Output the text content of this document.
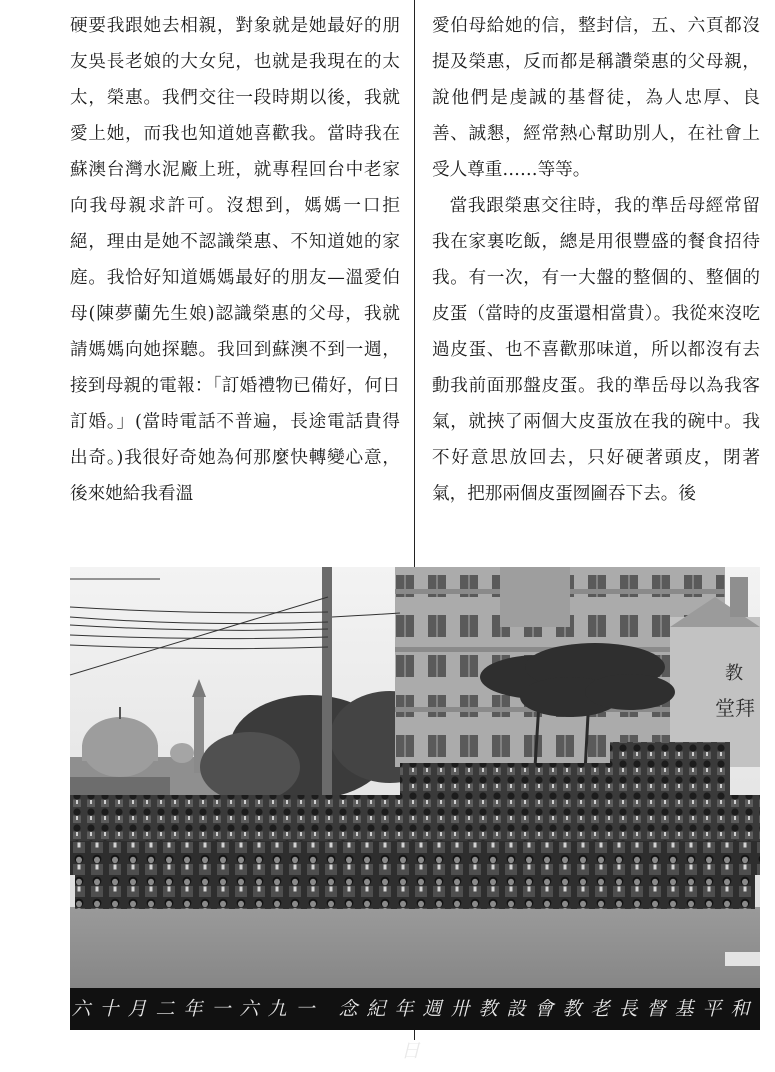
硬要我跟她去相親，對象就是她最好的朋友吳長老娘的大女兒，也就是我現在的太太，榮惠。我們交往一段時期以後，我就愛上她，而我也知道她喜歡我。當時我在蘇澳台灣水泥廠上班，就專程回台中老家向我母親求許可。沒想到，媽媽一口拒絕，理由是她不認識榮惠、不知道她的家庭。我恰好知道媽媽最好的朋友—溫愛伯母(陳夢蘭先生娘)認識榮惠的父母，我就請媽媽向她探聽。我回到蘇澳不到一週，接到母親的電報：「訂婚禮物已備好，何日訂婚。」(當時電話不普遍，長途電話貴得出奇。)我很好奇她為何那麼快轉變心意，後來她給我看溫

愛伯母給她的信，整封信，五、六頁都沒提及榮惠，反而都是稱讚榮惠的父母親，說他們是虔誠的基督徒，為人忠厚、良善、誠懇，經常熱心幫助別人，在社會上受人尊重……等等。

當我跟榮惠交往時，我的準岳母經常留我在家裏吃飯，總是用很豐盛的餐食招待我。有一次，有一大盤的整個的、整個的皮蛋（當時的皮蛋還相當貴）。我從來沒吃過皮蛋、也不喜歡那味道，所以都沒有去動我前面那盤皮蛋。我的準岳母以為我客氣，就挾了兩個大皮蛋放在我的碗中。我不好意思放回去，只好硬著頭皮，閉著氣，把那兩個皮蛋囫圇吞下去。後

教
堂拜
和平基督長老教會設教卅週年紀念 一九六一年二月十六日
